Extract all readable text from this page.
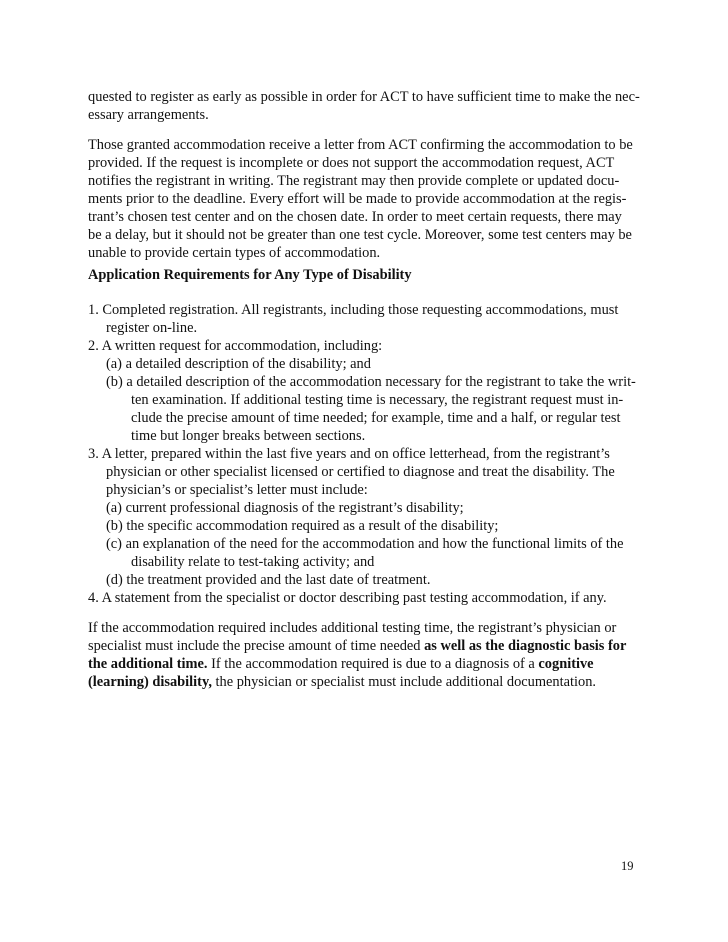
quested to register as early as possible in order for ACT to have sufficient time to make the nec-
essary arrangements.
Those granted accommodation receive a letter from ACT confirming the accommodation to be
provided. If the request is incomplete or does not support the accommodation request, ACT
notifies the registrant in writing. The registrant may then provide complete or updated docu-
ments prior to the deadline. Every effort will be made to provide accommodation at the regis-
trant’s chosen test center and on the chosen date. In order to meet certain requests, there may
be a delay, but it should not be greater than one test cycle. Moreover, some test centers may be
unable to provide certain types of accommodation.
Application Requirements for Any Type of Disability
1. Completed registration. All registrants, including those requesting accommodations, must
register on-line.
2. A written request for accommodation, including:
(a) a detailed description of the disability; and
(b) a detailed description of the accommodation necessary for the registrant to take the writ-
ten examination. If additional testing time is necessary, the registrant request must in-
clude the precise amount of time needed; for example, time and a half, or regular test
time but longer breaks between sections.
3. A letter, prepared within the last five years and on office letterhead, from the registrant’s
physician or other specialist licensed or certified to diagnose and treat the disability. The
physician’s or specialist’s letter must include:
(a) current professional diagnosis of the registrant’s disability;
(b) the specific accommodation required as a result of the disability;
(c) an explanation of the need for the accommodation and how the functional limits of the
disability relate to test-taking activity; and
(d) the treatment provided and the last date of treatment.
4. A statement from the specialist or doctor describing past testing accommodation, if any.
If the accommodation required includes additional testing time, the registrant’s physician or
specialist must include the precise amount of time needed as well as the diagnostic basis for
the additional time. If the accommodation required is due to a diagnosis of a cognitive
(learning) disability, the physician or specialist must include additional documentation.
19
